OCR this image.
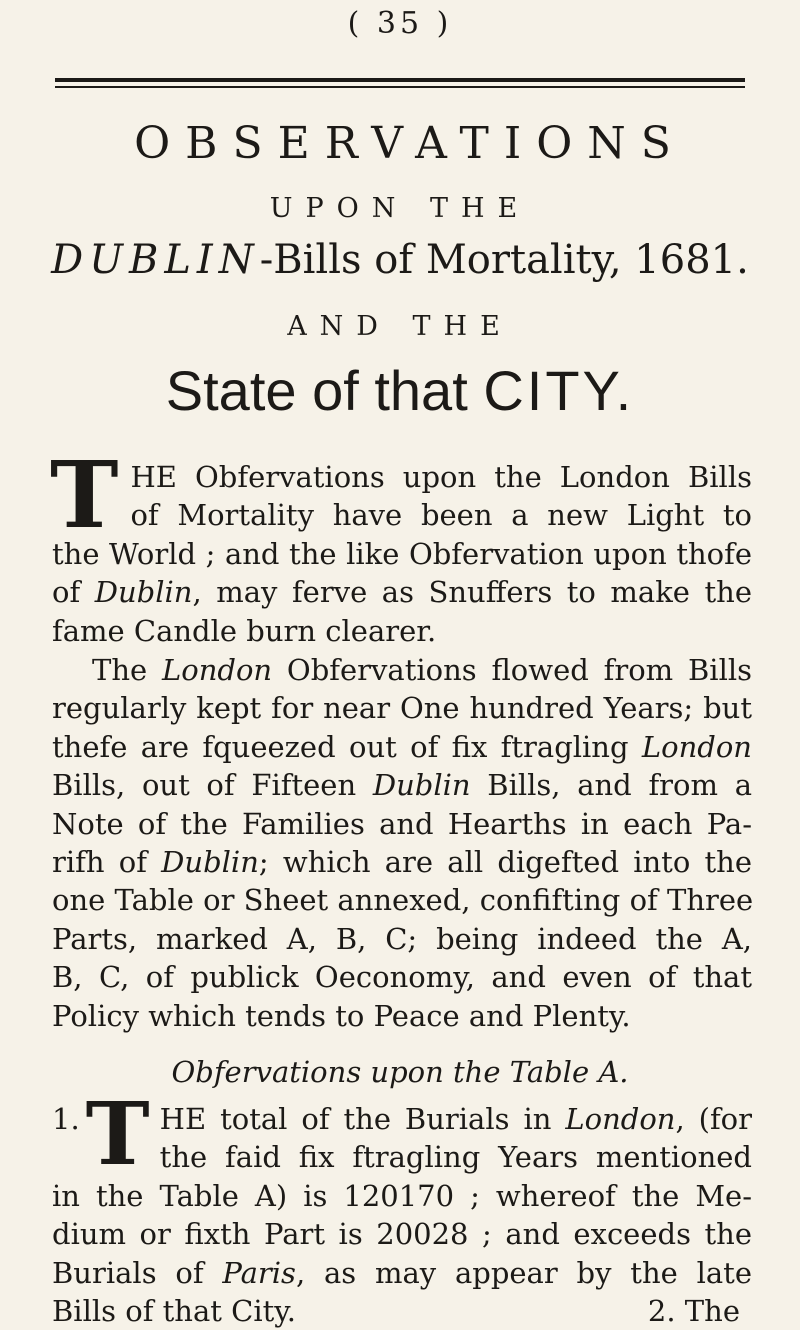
( 35 )
OBSERVATIONS
UPON THE
DUBLIN-Bills of Mortality, 1681.
AND THE
State of that CITY.
T HE Obfervations upon the London Bills
of Mortality have been a new Light to
the World ; and the like Obfervation upon thofe
of Dublin, may ferve as Snuffers to make the
fame Candle burn clearer.
The London Obfervations flowed from Bills
regularly kept for near One hundred Years; but
thefe are fqueezed out of fix ftragling London
Bills, out of Fifteen Dublin Bills, and from a
Note of the Families and Hearths in each Pa-
rifh of Dublin; which are all digefted into the
one Table or Sheet annexed, confifting of Three
Parts, marked A, B, C; being indeed the A,
B, C, of publick Oeconomy, and even of that
Policy which tends to Peace and Plenty.
Obfervations upon the Table A.
1. T HE total of the Burials in London, (for
the faid fix ftragling Years mentioned
in the Table A) is 120170 ; whereof the Me-
dium or fixth Part is 20028 ; and exceeds the
Burials of Paris, as may appear by the late
Bills of that City.	2. The
